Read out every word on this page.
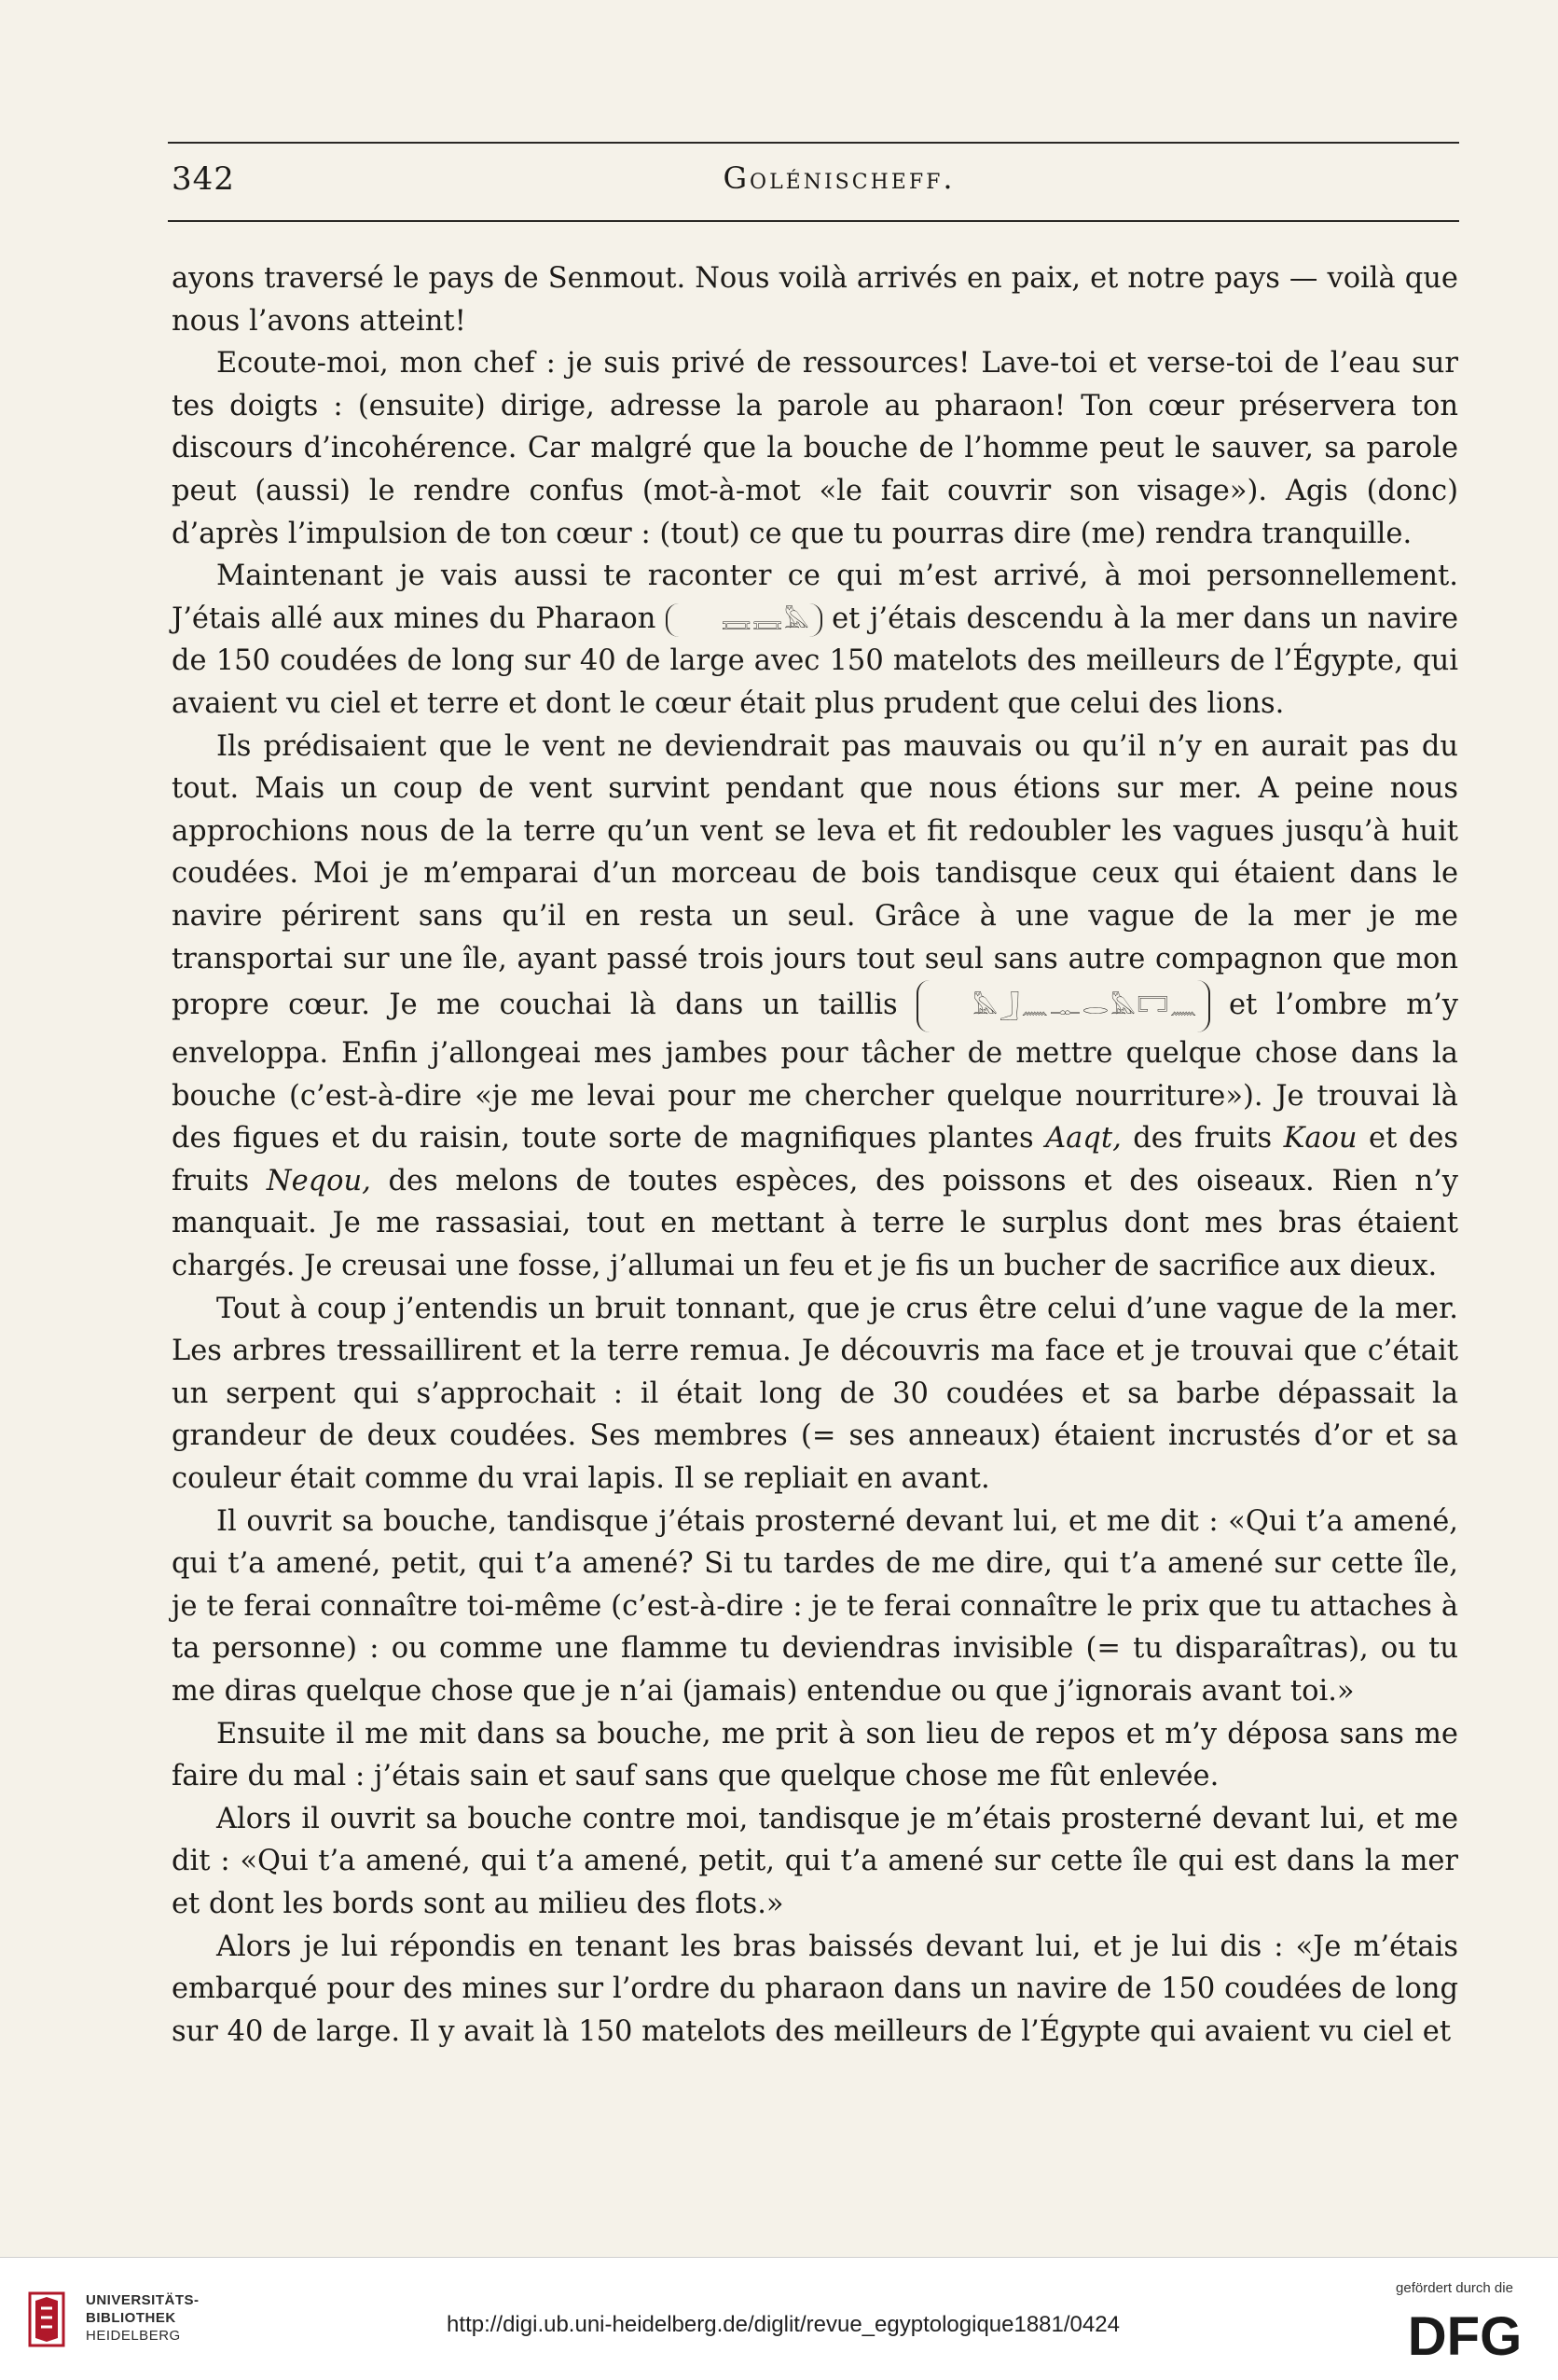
342	Golénischeff.

ayons traversé le pays de Senmout. Nous voilà arrivés en paix, et notre pays — voilà que nous l’avons atteint!

Ecoute-moi, mon chef : je suis privé de ressources! Lave-toi et verse-toi de l’eau sur tes doigts : (ensuite) dirige, adresse la parole au pharaon! Ton cœur préservera ton discours d’incohérence. Car malgré que la bouche de l’homme peut le sauver, sa parole peut (aussi) le rendre confus (mot-à-mot «le fait couvrir son visage»). Agis (donc) d’après l’impulsion de ton cœur : (tout) ce que tu pourras dire (me) rendra tranquille.

Maintenant je vais aussi te raconter ce qui m’est arrivé, à moi personnellement. J’étais allé aux mines du Pharaon	𓈘𓈘𓅓 et j’étais descendu à la mer dans un navire de 150 coudées de long sur 40 de large avec 150 matelots des meilleurs de l’Égypte, qui avaient vu ciel et terre et dont le cœur était plus prudent que celui des lions.

Ils prédisaient que le vent ne deviendrait pas mauvais ou qu’il n’y en aurait pas du tout. Mais un coup de vent survint pendant que nous étions sur mer. A peine nous approchions nous de la terre qu’un vent se leva et fit redoubler les vagues jusqu’à huit coudées. Moi je m’emparai d’un morceau de bois tandisque ceux qui étaient dans le navire périrent sans qu’il en resta un seul. Grâce à une vague de la mer je me transportai sur une île, ayant passé trois jours tout seul sans autre compagnon que mon propre cœur. Je me couchai là dans un taillis	𓅓𓃀𓈖𓊃𓂋𓅓𓉐𓈖 et l’ombre m’y enveloppa. Enfin j’allongeai mes jambes pour tâcher de mettre quelque chose dans la bouche (c’est-à-dire «je me levai pour me chercher quelque nourriture»). Je trouvai là des figues et du raisin, toute sorte de magnifiques plantes Aaqt, des fruits Kaou et des fruits Neqou, des melons de toutes espèces, des poissons et des oiseaux. Rien n’y manquait. Je me rassasiai, tout en mettant à terre le surplus dont mes bras étaient chargés. Je creusai une fosse, j’allumai un feu et je fis un bucher de sacrifice aux dieux.

Tout à coup j’entendis un bruit tonnant, que je crus être celui d’une vague de la mer. Les arbres tressaillirent et la terre remua. Je découvris ma face et je trouvai que c’était un serpent qui s’approchait : il était long de 30 coudées et sa barbe dépassait la grandeur de deux coudées. Ses membres (= ses anneaux) étaient incrustés d’or et sa couleur était comme du vrai lapis. Il se repliait en avant.

Il ouvrit sa bouche, tandisque j’étais prosterné devant lui, et me dit : «Qui t’a amené, qui t’a amené, petit, qui t’a amené? Si tu tardes de me dire, qui t’a amené sur cette île, je te ferai connaître toi-même (c’est-à-dire : je te ferai connaître le prix que tu attaches à ta personne) : ou comme une flamme tu deviendras invisible (= tu disparaîtras), ou tu me diras quelque chose que je n’ai (jamais) entendue ou que j’ignorais avant toi.»

Ensuite il me mit dans sa bouche, me prit à son lieu de repos et m’y déposa sans me faire du mal : j’étais sain et sauf sans que quelque chose me fût enlevée.

Alors il ouvrit sa bouche contre moi, tandisque je m’étais prosterné devant lui, et me dit : «Qui t’a amené, qui t’a amené, petit, qui t’a amené sur cette île qui est dans la mer et dont les bords sont au milieu des flots.»

Alors je lui répondis en tenant les bras baissés devant lui, et je lui dis : «Je m’étais embarqué pour des mines sur l’ordre du pharaon dans un navire de 150 coudées de long sur 40 de large. Il y avait là 150 matelots des meilleurs de l’Égypte qui avaient vu ciel et

UNIVERSITÄTS-
BIBLIOTHEK
HEIDELBERG	http://digi.ub.uni-heidelberg.de/diglit/revue_egyptologique1881/0424
gefördert durch die
DFG
